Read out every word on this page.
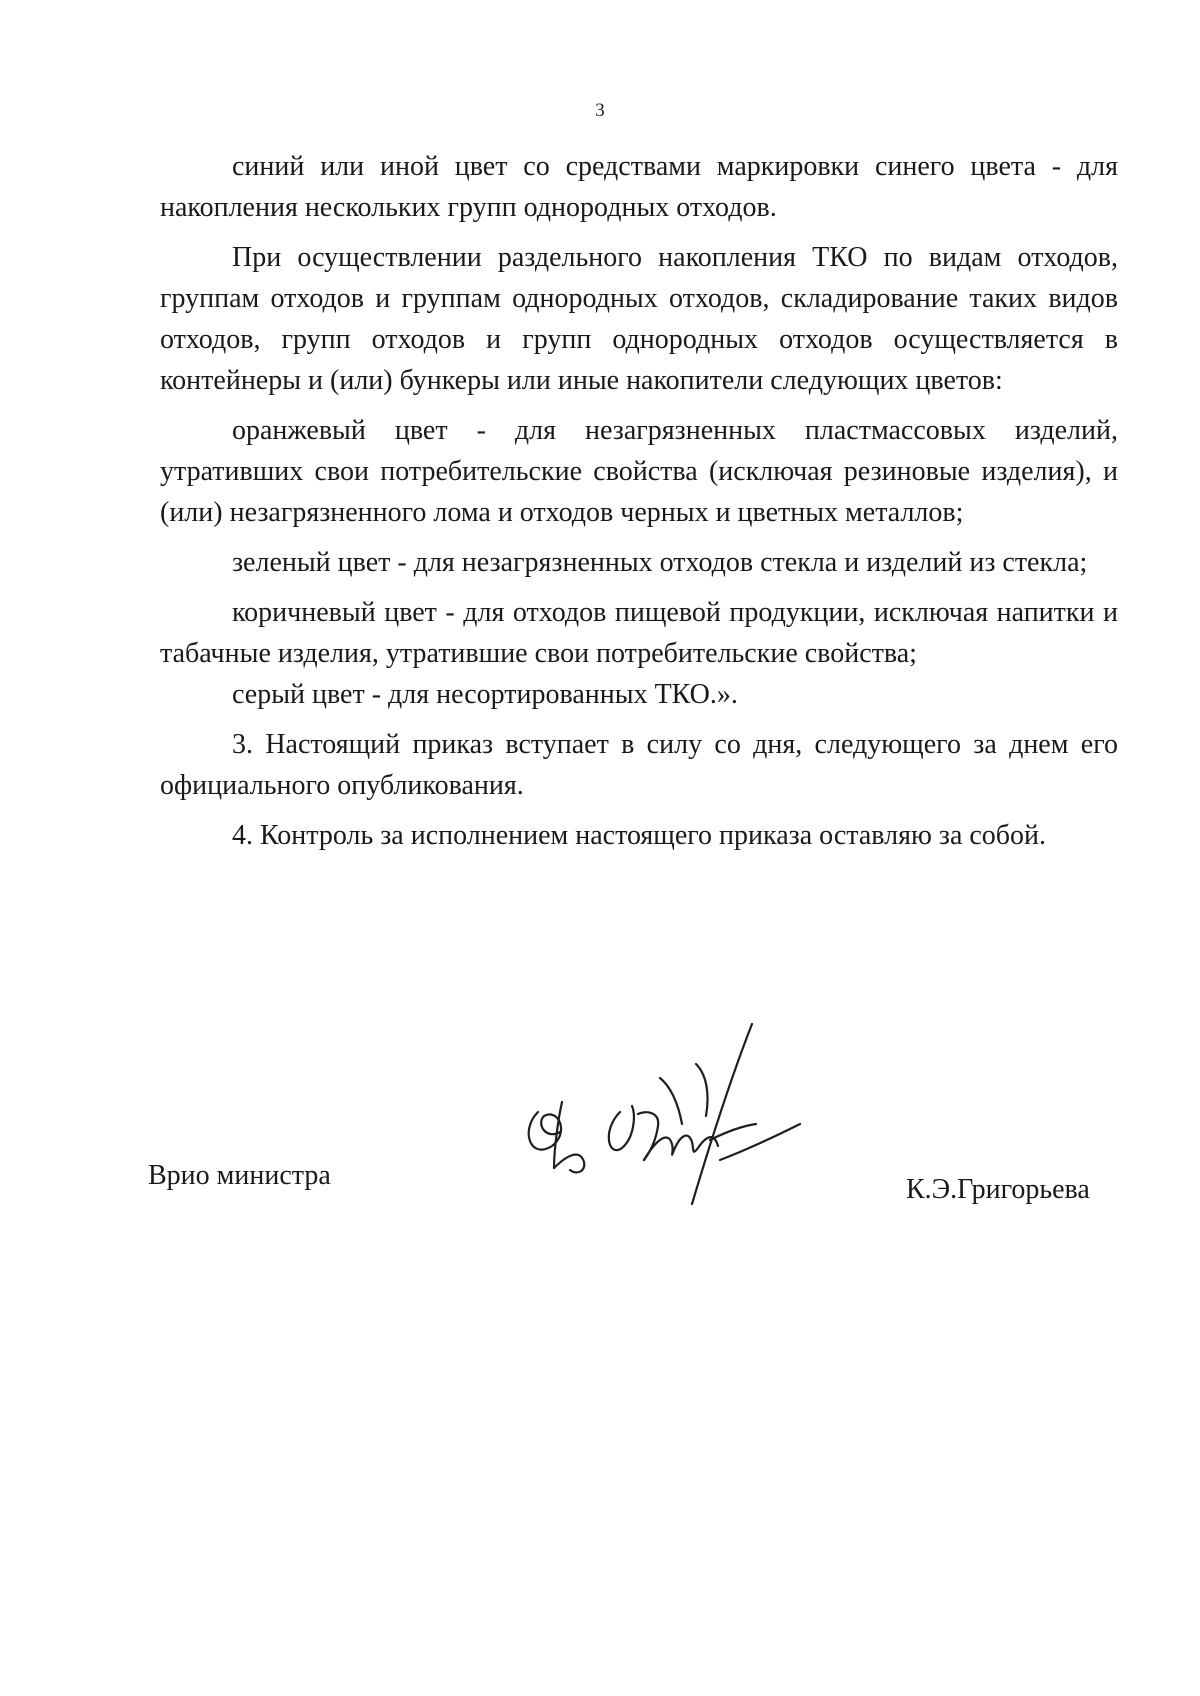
3

синий или иной цвет со средствами маркировки синего цвета - для накопления нескольких групп однородных отходов.

При осуществлении раздельного накопления ТКО по видам отходов, группам отходов и группам однородных отходов, складирование таких видов отходов, групп отходов и групп однородных отходов осуществляется в контейнеры и (или) бункеры или иные накопители следующих цветов:

оранжевый цвет - для незагрязненных пластмассовых изделий, утративших свои потребительские свойства (исключая резиновые изделия), и (или) незагрязненного лома и отходов черных и цветных металлов;

зеленый цвет - для незагрязненных отходов стекла и изделий из стекла;

коричневый цвет - для отходов пищевой продукции, исключая напитки и табачные изделия, утратившие свои потребительские свойства;

серый цвет - для несортированных ТКО.».

3. Настоящий приказ вступает в силу со дня, следующего за днем его официального опубликования.

4. Контроль за исполнением настоящего приказа оставляю за собой.

Врио министра	К.Э.Григорьева
